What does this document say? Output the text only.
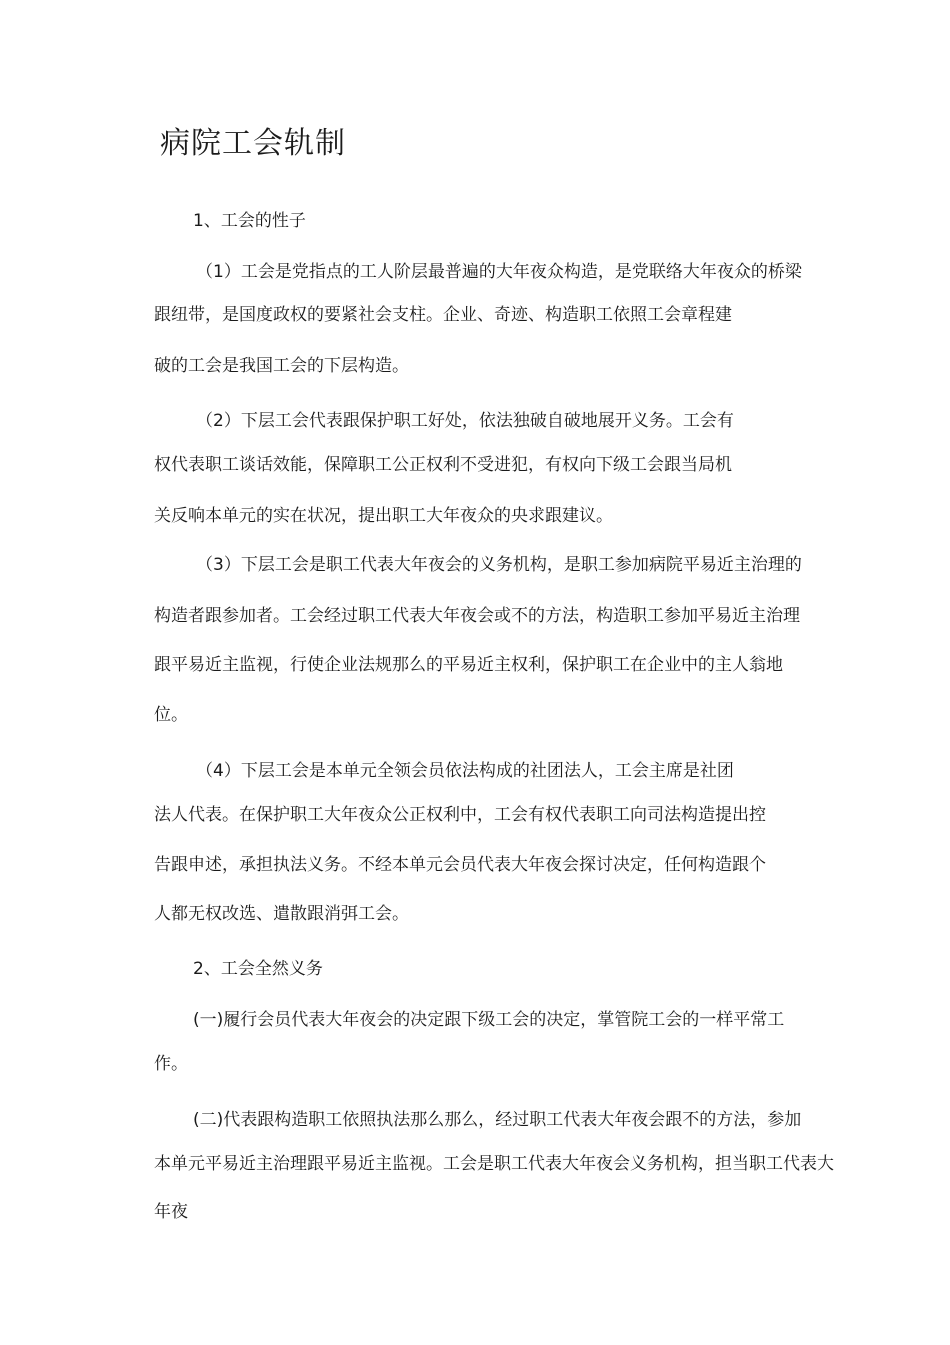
病院工会轨制
1、工会的性子
（1）工会是党指点的工人阶层最普遍的大年夜众构造，是党联络大年夜众的桥梁
跟纽带，是国度政权的要紧社会支柱。企业、奇迹、构造职工依照工会章程建
破的工会是我国工会的下层构造。
（2）下层工会代表跟保护职工好处，依法独破自破地展开义务。工会有
权代表职工谈话效能，保障职工公正权利不受进犯，有权向下级工会跟当局机
关反响本单元的实在状况，提出职工大年夜众的央求跟建议。
（3）下层工会是职工代表大年夜会的义务机构，是职工参加病院平易近主治理的
构造者跟参加者。工会经过职工代表大年夜会或不的方法，构造职工参加平易近主治理
跟平易近主监视，行使企业法规那么的平易近主权利，保护职工在企业中的主人翁地
位。
（4）下层工会是本单元全领会员依法构成的社团法人，工会主席是社团
法人代表。在保护职工大年夜众公正权利中，工会有权代表职工向司法构造提出控
告跟申述，承担执法义务。不经本单元会员代表大年夜会探讨决定，任何构造跟个
人都无权改选、遣散跟消弭工会。
2、工会全然义务
(一)履行会员代表大年夜会的决定跟下级工会的决定，掌管院工会的一样平常工
作。
(二)代表跟构造职工依照执法那么那么，经过职工代表大年夜会跟不的方法，参加
本单元平易近主治理跟平易近主监视。工会是职工代表大年夜会义务机构，担当职工代表大
年夜
